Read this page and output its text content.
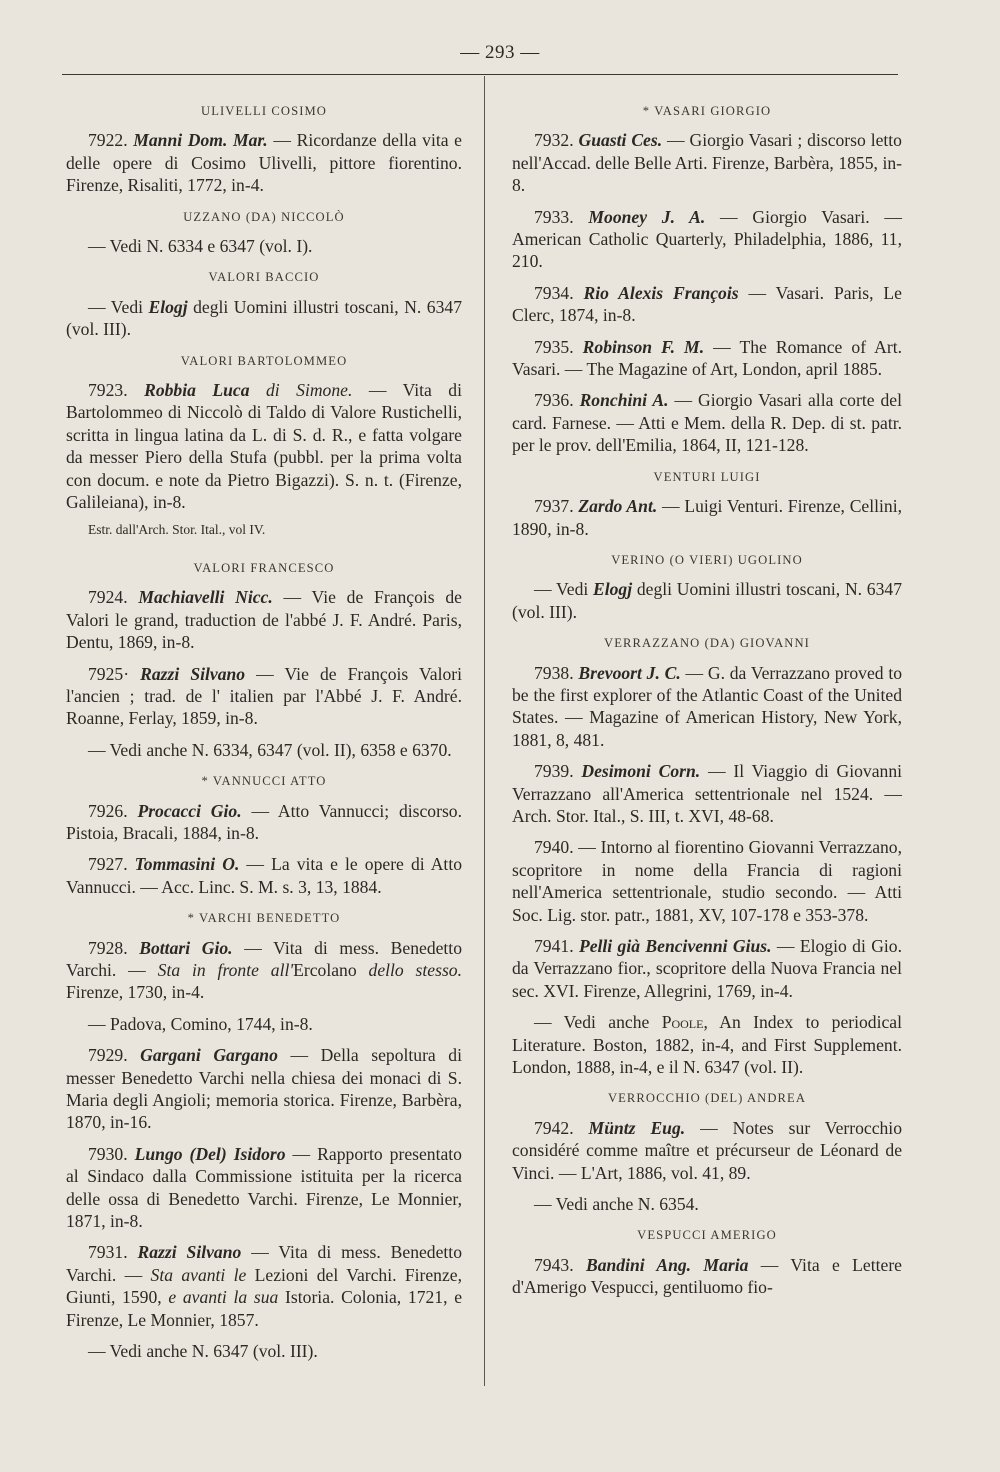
— 293 —
ULIVELLI COSIMO

7922. Manni Dom. Mar. — Ricordanze della vita e delle opere di Cosimo Ulivelli, pittore fiorentino. Firenze, Risaliti, 1772, in-4.

UZZANO (DA) NICCOLÒ

— Vedi N. 6334 e 6347 (vol. I).

VALORI BACCIO

— Vedi Elogj degli Uomini illustri toscani, N. 6347 (vol. III).

VALORI BARTOLOMMEO

7923. Robbia Luca di Simone. — Vita di Bartolommeo di Niccolò di Taldo di Valore Rustichelli, scritta in lingua latina da L. di S. d. R., e fatta volgare da messer Piero della Stufa (pubbl. per la prima volta con docum. e note da Pietro Bigazzi). S. n. t. (Firenze, Galileiana), in-8.

Estr. dall'Arch. Stor. Ital., vol IV.

VALORI FRANCESCO

7924. Machiavelli Nicc. — Vie de François de Valori le grand, traduction de l'abbé J. F. André. Paris, Dentu, 1869, in-8.

7925· Razzi Silvano — Vie de François Valori l'ancien ; trad. de l' italien par l'Abbé J. F. André. Roanne, Ferlay, 1859, in-8.

— Vedi anche N. 6334, 6347 (vol. II), 6358 e 6370.

* VANNUCCI ATTO

7926. Procacci Gio. — Atto Vannucci; discorso. Pistoia, Bracali, 1884, in-8.

7927. Tommasini O. — La vita e le opere di Atto Vannucci. — Acc. Linc. S. M. s. 3, 13, 1884.

* VARCHI BENEDETTO

7928. Bottari Gio. — Vita di mess. Benedetto Varchi. — Sta in fronte all'Ercolano dello stesso. Firenze, 1730, in-4.

— Padova, Comino, 1744, in-8.

7929. Gargani Gargano — Della sepoltura di messer Benedetto Varchi nella chiesa dei monaci di S. Maria degli Angioli; memoria storica. Firenze, Barbèra, 1870, in-16.

7930. Lungo (Del) Isidoro — Rapporto presentato al Sindaco dalla Commissione istituita per la ricerca delle ossa di Benedetto Varchi. Firenze, Le Monnier, 1871, in-8.

7931. Razzi Silvano — Vita di mess. Benedetto Varchi. — Sta avanti le Lezioni del Varchi. Firenze, Giunti, 1590, e avanti la sua Istoria. Colonia, 1721, e Firenze, Le Monnier, 1857.

— Vedi anche N. 6347 (vol. III).

* VASARI GIORGIO

7932. Guasti Ces. — Giorgio Vasari ; discorso letto nell'Accad. delle Belle Arti. Firenze, Barbèra, 1855, in-8.

7933. Mooney J. A. — Giorgio Vasari. — American Catholic Quarterly, Philadelphia, 1886, 11, 210.

7934. Rio Alexis François — Vasari. Paris, Le Clerc, 1874, in-8.

7935. Robinson F. M. — The Romance of Art. Vasari. — The Magazine of Art, London, april 1885.

7936. Ronchini A. — Giorgio Vasari alla corte del card. Farnese. — Atti e Mem. della R. Dep. di st. patr. per le prov. dell'Emilia, 1864, II, 121-128.

VENTURI LUIGI

7937. Zardo Ant. — Luigi Venturi. Firenze, Cellini, 1890, in-8.

VERINO (O VIERI) UGOLINO

— Vedi Elogj degli Uomini illustri toscani, N. 6347 (vol. III).

VERRAZZANO (DA) GIOVANNI

7938. Brevoort J. C. — G. da Verrazzano proved to be the first explorer of the Atlantic Coast of the United States. — Magazine of American History, New York, 1881, 8, 481.

7939. Desimoni Corn. — Il Viaggio di Giovanni Verrazzano all'America settentrionale nel 1524. —Arch. Stor. Ital., S. III, t. XVI, 48-68.

7940. — Intorno al fiorentino Giovanni Verrazzano, scopritore in nome della Francia di ragioni nell'America settentrionale, studio secondo. — Atti Soc. Lig. stor. patr., 1881, XV, 107-178 e 353-378.

7941. Pelli già Bencivenni Gius. — Elogio di Gio. da Verrazzano fior., scopritore della Nuova Francia nel sec. XVI. Firenze, Allegrini, 1769, in-4.

— Vedi anche Poole, An Index to periodical Literature. Boston, 1882, in-4, and First Supplement. London, 1888, in-4, e il N. 6347 (vol. II).

VERROCCHIO (DEL) ANDREA

7942. Müntz Eug. — Notes sur Verrocchio considéré comme maître et précurseur de Léonard de Vinci. — L'Art, 1886, vol. 41, 89.

— Vedi anche N. 6354.

VESPUCCI AMERIGO

7943. Bandini Ang. Maria — Vita e Lettere d'Amerigo Vespucci, gentiluomo fio-
